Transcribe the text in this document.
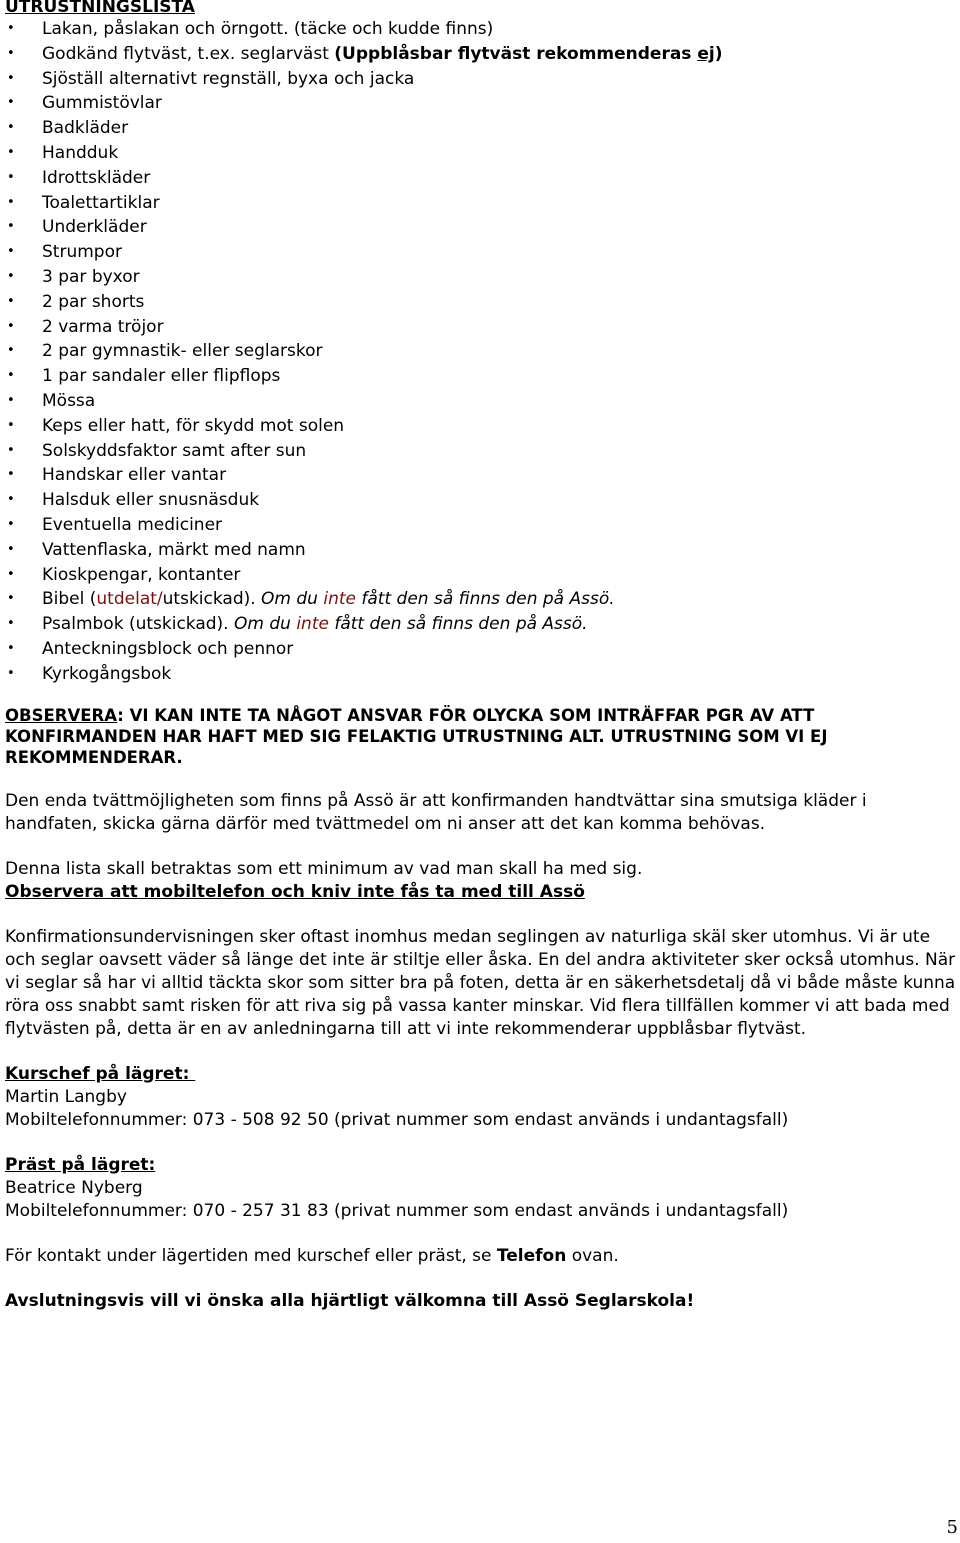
UTRUSTNINGSLISTA
• Lakan, påslakan och örngott. (täcke och kudde finns)
• Godkänd flytväst, t.ex. seglarväst (Uppblåsbar flytväst rekommenderas ej)
• Sjöställ alternativt regnställ, byxa och jacka
• Gummistövlar
• Badkläder
• Handduk
• Idrottskläder
• Toalettartiklar
• Underkläder
• Strumpor
• 3 par byxor
• 2 par shorts
• 2 varma tröjor
• 2 par gymnastik- eller seglarskor
• 1 par sandaler eller flipflops
• Mössa
• Keps eller hatt, för skydd mot solen
• Solskyddsfaktor samt after sun
• Handskar eller vantar
• Halsduk eller snusnäsduk
• Eventuella mediciner
• Vattenflaska, märkt med namn
• Kioskpengar, kontanter
• Bibel (utdelat/utskickad). Om du inte fått den så finns den på Assö.
• Psalmbok (utskickad). Om du inte fått den så finns den på Assö.
• Anteckningsblock och pennor
• Kyrkogångsbok
OBSERVERA: VI KAN INTE TA NÅGOT ANSVAR FÖR OLYCKA SOM INTRÄFFAR PGR AV ATT KONFIRMANDEN HAR HAFT MED SIG FELAKTIG UTRUSTNING ALT. UTRUSTNING SOM VI EJ REKOMMENDERAR.

Den enda tvättmöjligheten som finns på Assö är att konfirmanden handtvättar sina smutsiga kläder i handfaten, skicka gärna därför med tvättmedel om ni anser att det kan komma behövas.

Denna lista skall betraktas som ett minimum av vad man skall ha med sig.

Observera att mobiltelefon och kniv inte fås ta med till Assö

Konfirmationsundervisningen sker oftast inomhus medan seglingen av naturliga skäl sker utomhus. Vi är ute och seglar oavsett väder så länge det inte är stiltje eller åska. En del andra aktiviteter sker också utomhus. När vi seglar så har vi alltid täckta skor som sitter bra på foten, detta är en säkerhetsdetalj då vi både måste kunna röra oss snabbt samt risken för att riva sig på vassa kanter minskar. Vid flera tillfällen kommer vi att bada med flytvästen på, detta är en av anledningarna till att vi inte rekommenderar uppblåsbar flytväst.

Kurschef på lägret:

Martin Langby

Mobiltelefonnummer: 073 - 508 92 50 (privat nummer som endast används i undantagsfall)

Präst på lägret:

Beatrice Nyberg

Mobiltelefonnummer: 070 - 257 31 83 (privat nummer som endast används i undantagsfall)

För kontakt under lägertiden med kurschef eller präst, se Telefon ovan.

Avslutningsvis vill vi önska alla hjärtligt välkomna till Assö Seglarskola!

5
